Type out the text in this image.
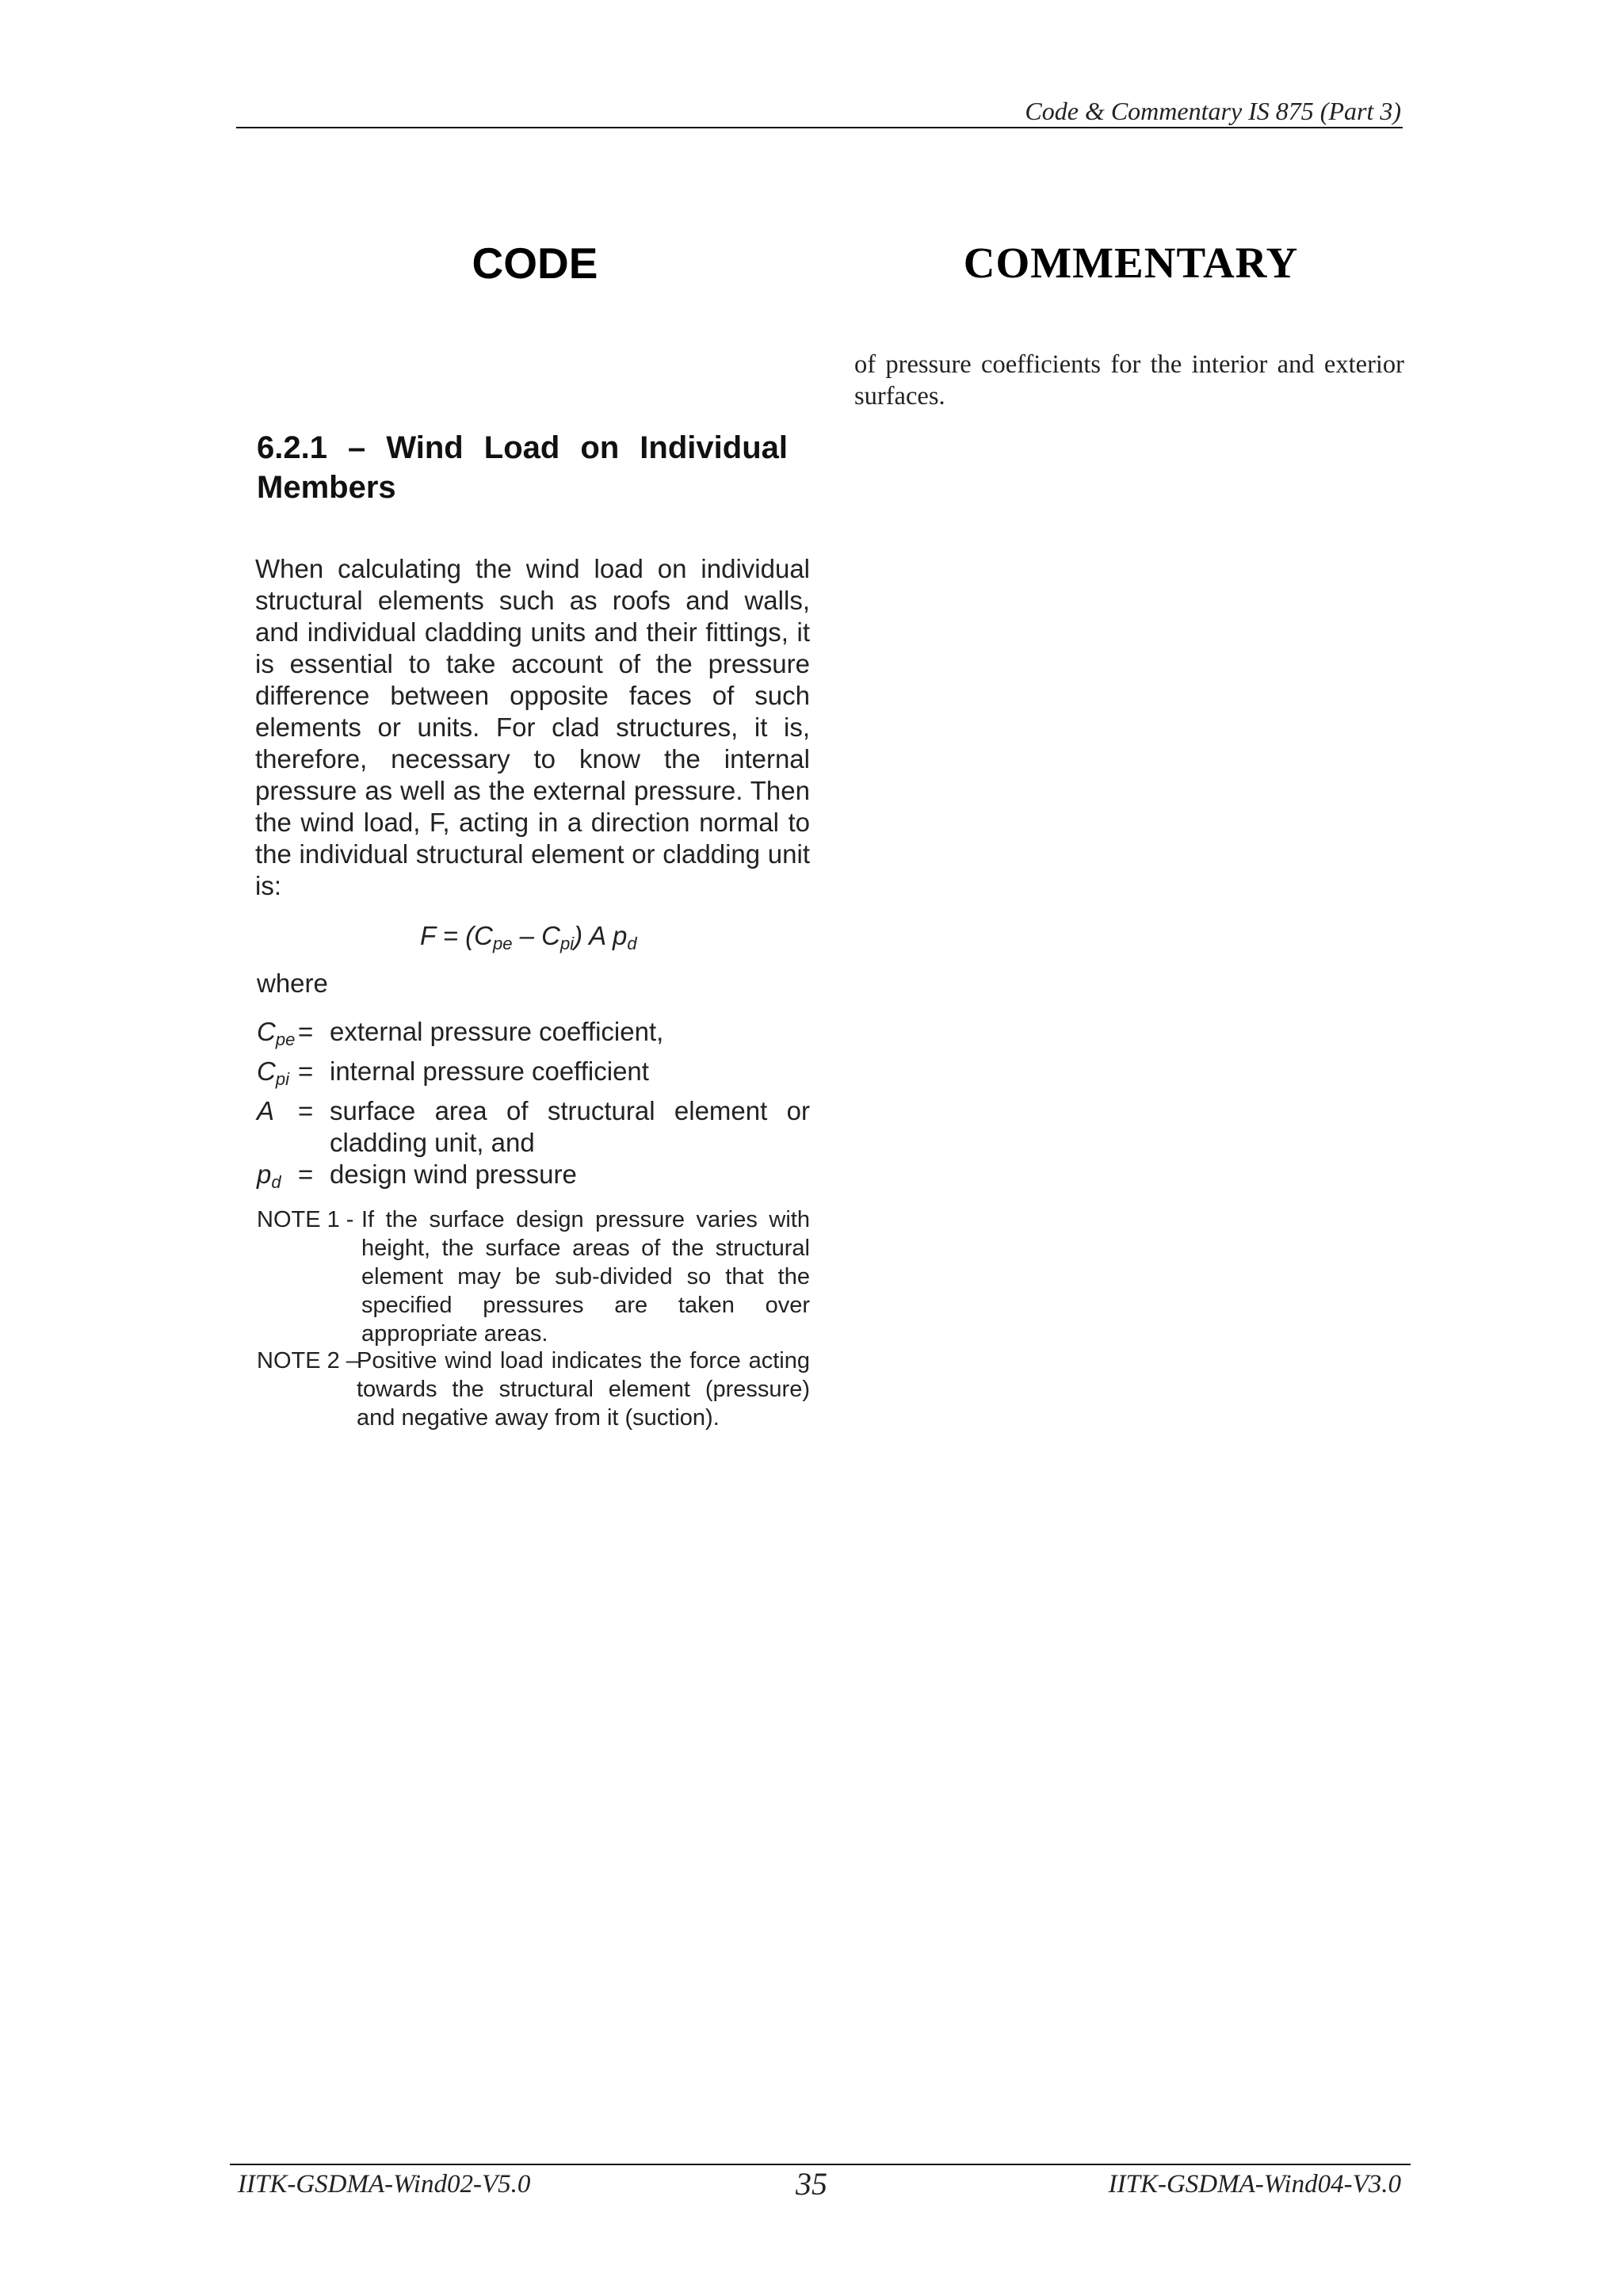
Code & Commentary IS 875 (Part 3)
CODE	COMMENTARY
of pressure coefficients for the interior and exterior surfaces.
6.2.1 – Wind Load on Individual Members
When calculating the wind load on individual structural elements such as roofs and walls, and individual cladding units and their fittings, it is essential to take account of the pressure difference between opposite faces of such elements or units. For clad structures, it is, therefore, necessary to know the internal pressure as well as the external pressure. Then the wind load, F, acting in a direction normal to the individual structural element or cladding unit is:
$F = (C_{pe} - C_{pi})$ A $p_d$
where
$C_{pe}$ = external pressure coefficient,
$C_{pi}$ = internal pressure coefficient
A = surface area of structural element or cladding unit, and
$p_d$ = design wind pressure
NOTE 1 - If the surface design pressure varies with height, the surface areas of the structural element may be sub-divided so that the specified pressures are taken over appropriate areas.
NOTE 2 –
Positive wind load indicates the force acting towards the structural element (pressure) and negative away from it (suction).
IITK-GSDMA-Wind02-V5.0	35	IITK-GSDMA-Wind04-V3.0
